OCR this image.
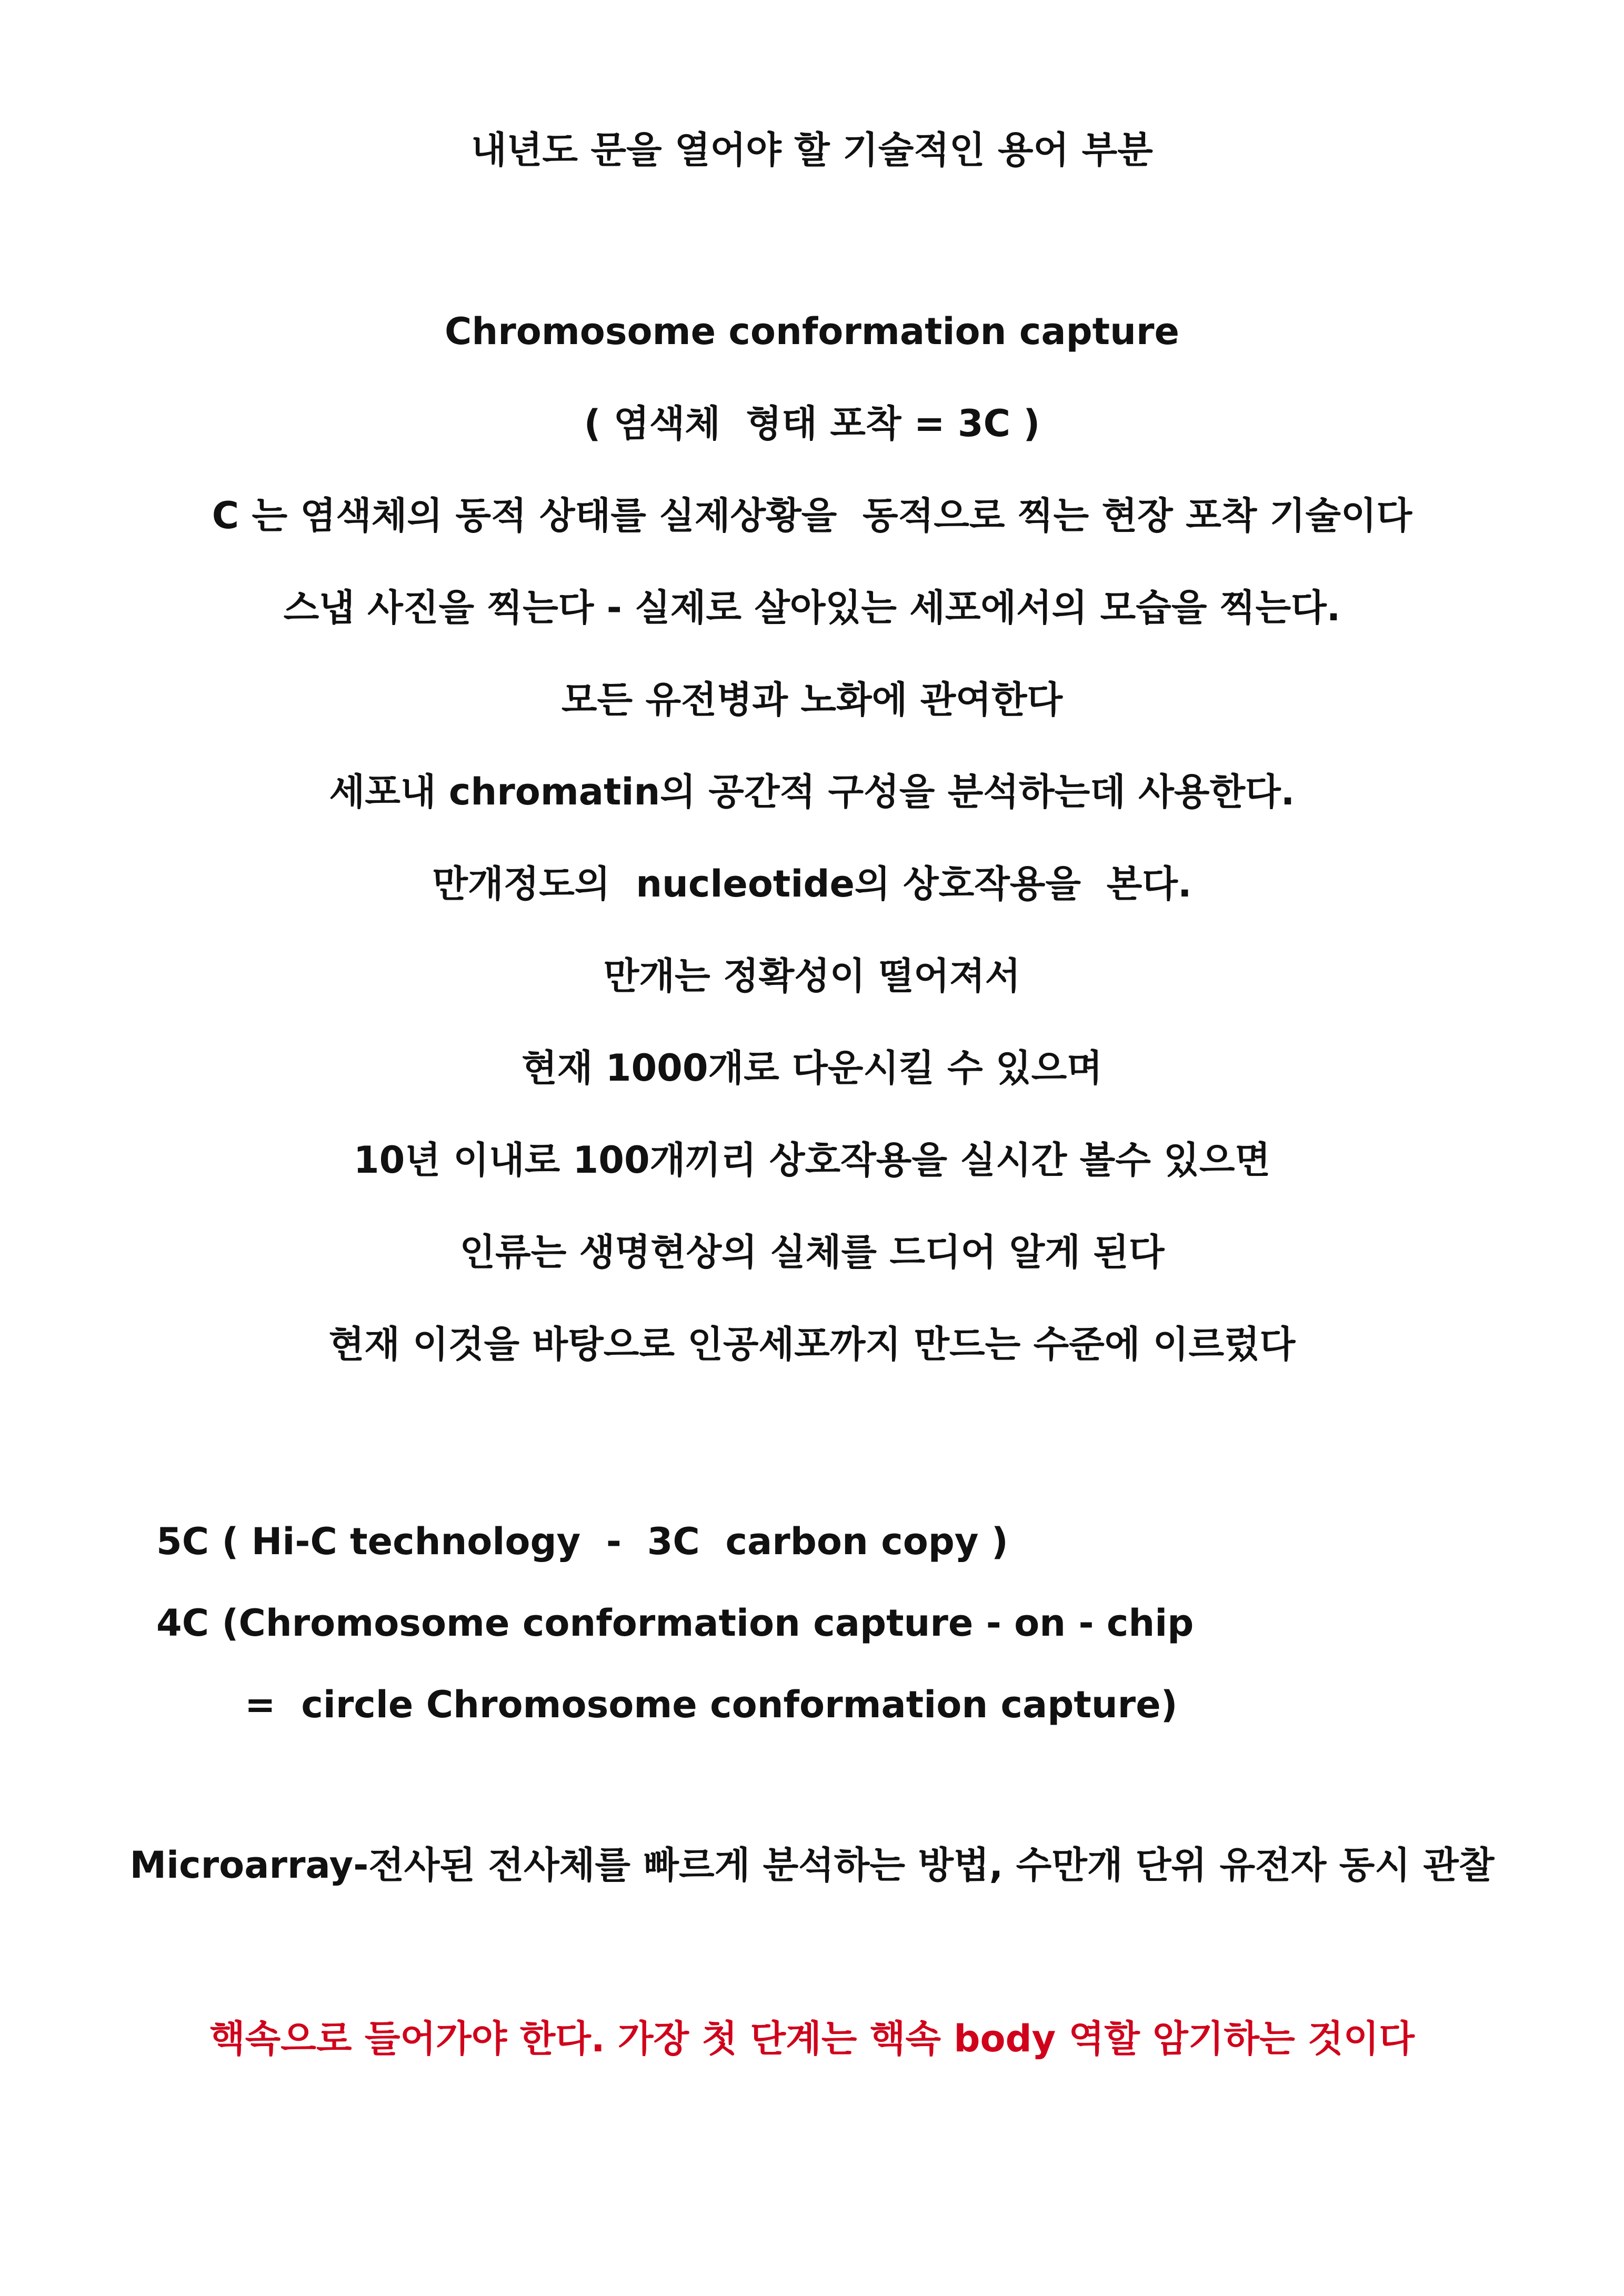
내년도 문을 열어야 할 기술적인 용어 부분
Chromosome conformation capture
( 염색체  형태 포착 = 3C )
C 는 염색체의 동적 상태를 실제상황을  동적으로 찍는 현장 포착 기술이다
스냅 사진을 찍는다 - 실제로 살아있는 세포에서의 모습을 찍는다.
모든 유전병과 노화에 관여한다
세포내 chromatin의 공간적 구성을 분석하는데 사용한다.
만개정도의  nucleotide의 상호작용을  본다.
만개는 정확성이 떨어져서
현재 1000개로 다운시킬 수 있으며
10년 이내로 100개끼리 상호작용을 실시간 볼수 있으면
인류는 생명현상의 실체를 드디어 알게 된다
현재 이것을 바탕으로 인공세포까지 만드는 수준에 이르렀다
5C ( Hi-C technology  -  3C  carbon copy )
4C (Chromosome conformation capture - on - chip
=  circle Chromosome conformation capture)
Microarray-전사된 전사체를 빠르게 분석하는 방법, 수만개 단위 유전자 동시 관찰
핵속으로 들어가야 한다. 가장 첫 단계는 핵속 body 역할 암기하는 것이다
